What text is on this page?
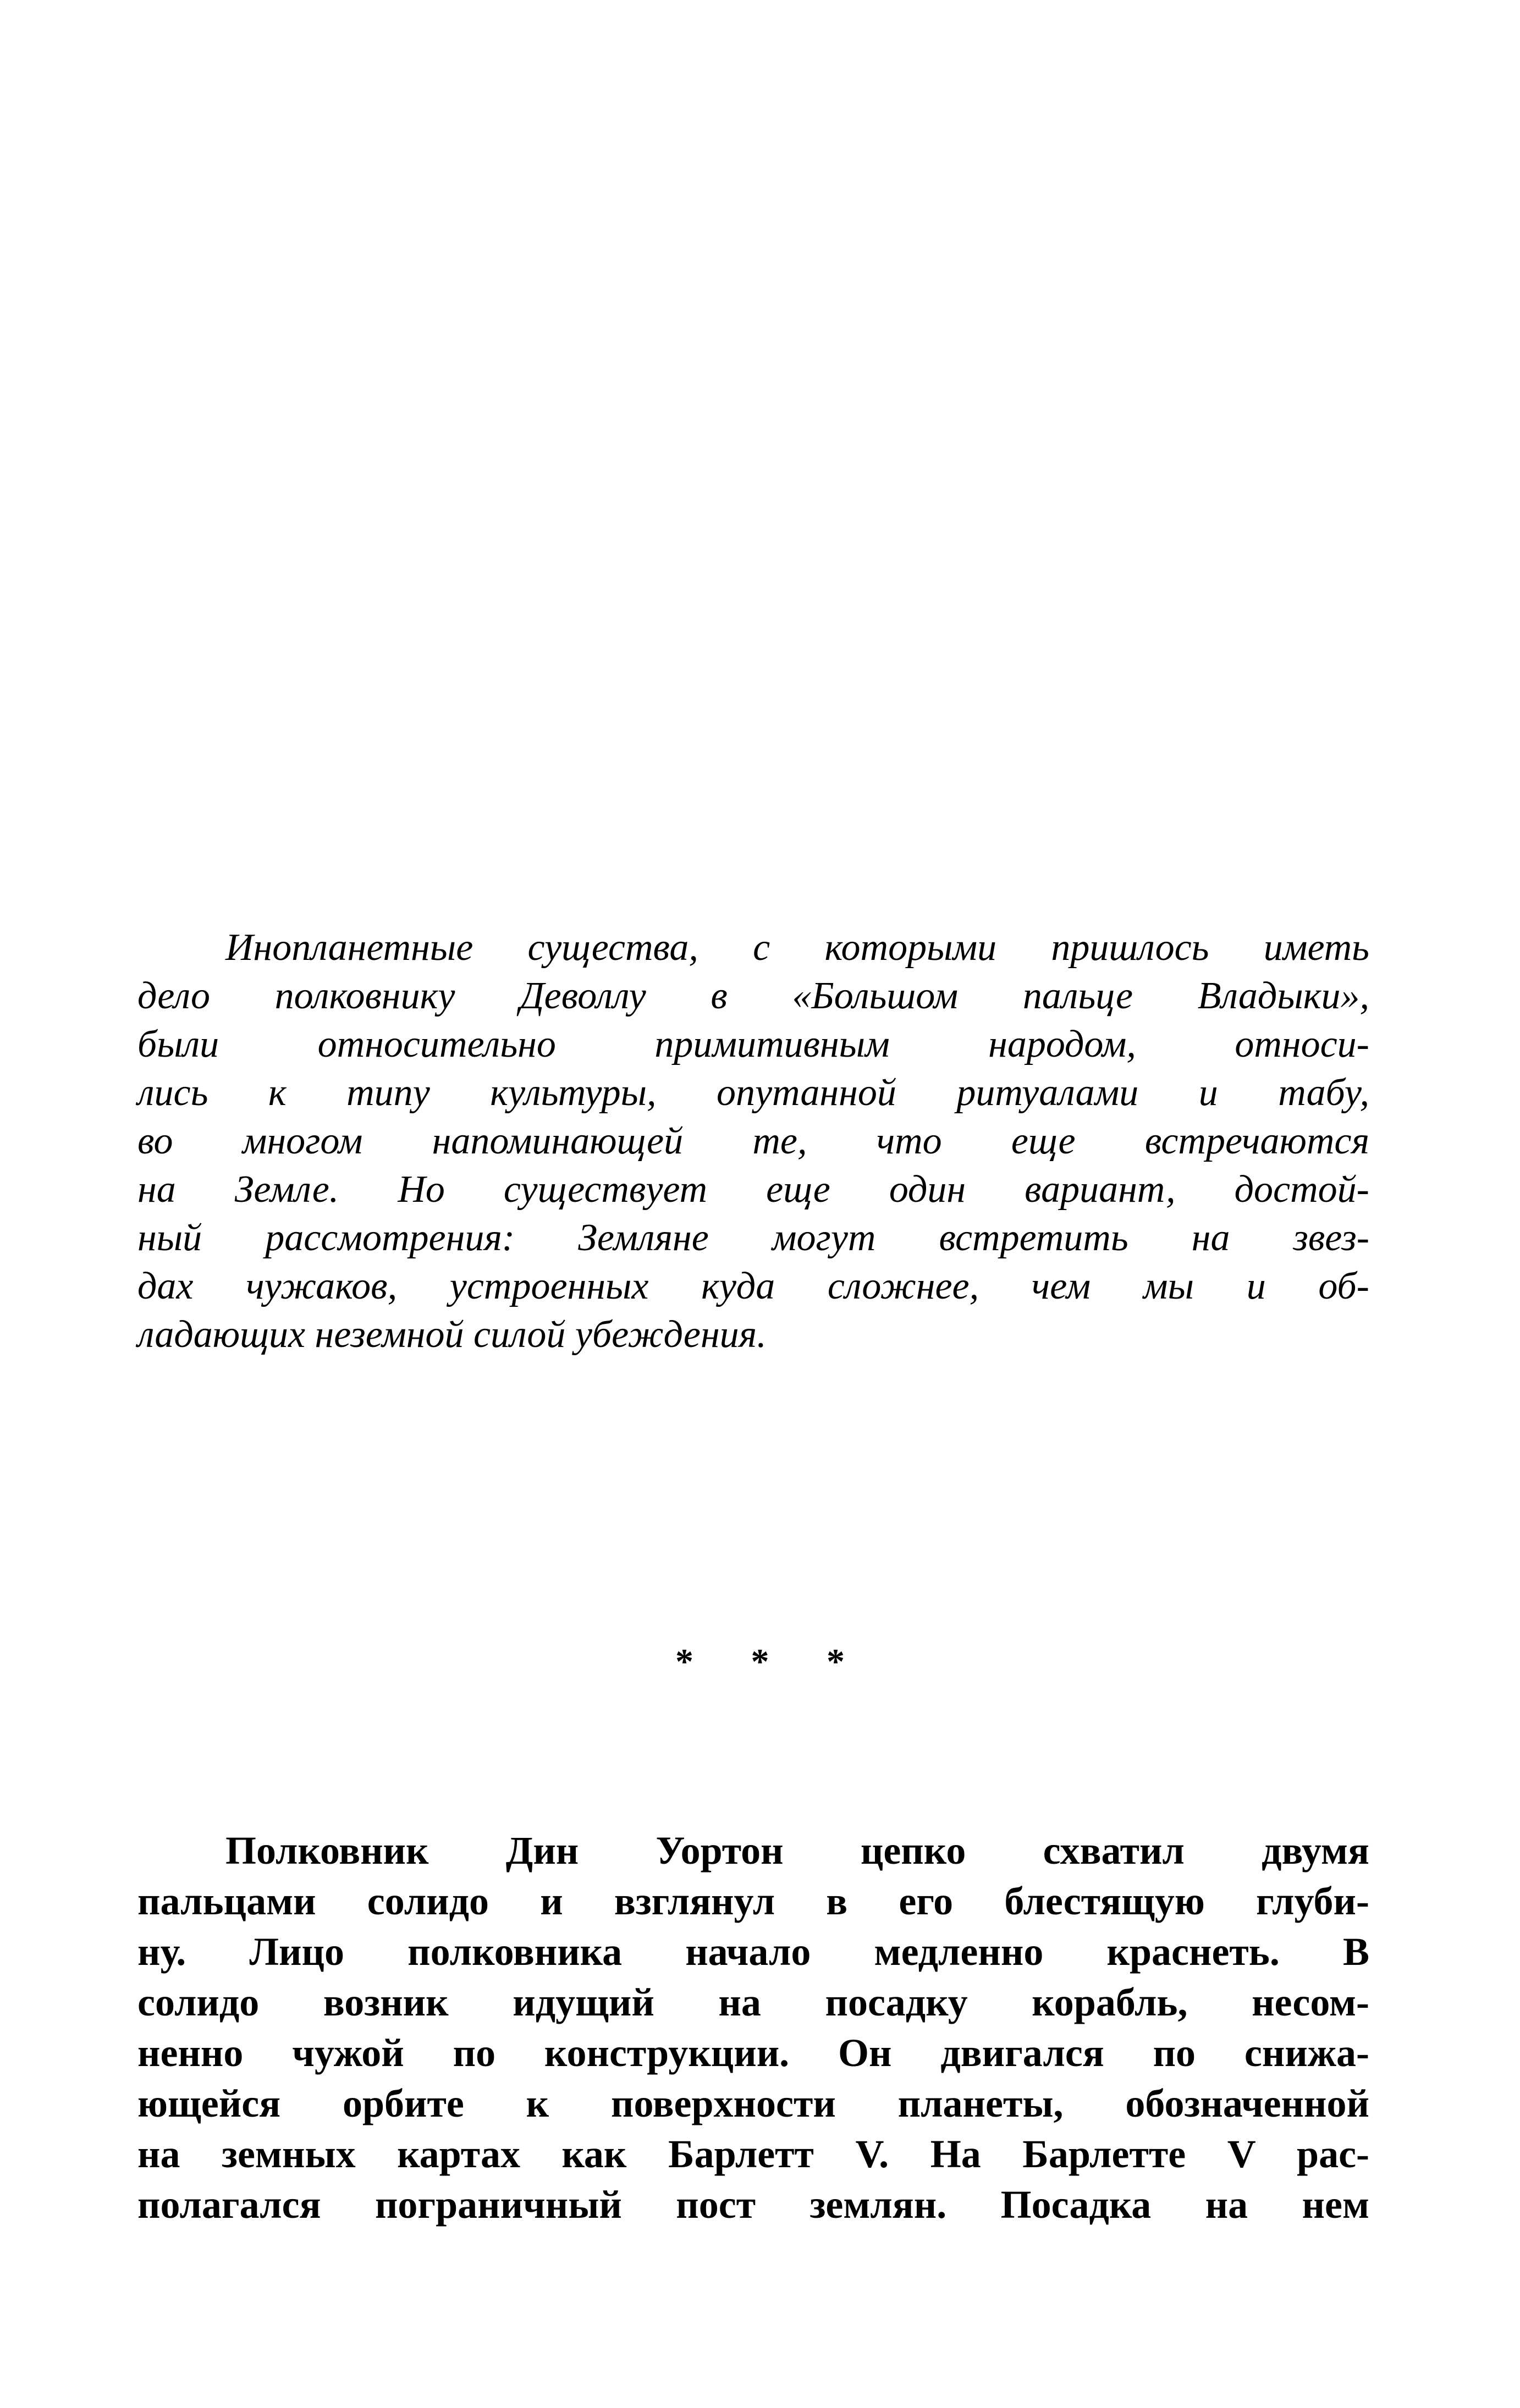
Инопланетные существа, с которыми пришлось иметь
дело полковнику Деволлу в «Большом пальце Владыки»,
были относительно примитивным народом, относи-
лись к типу культуры, опутанной ритуалами и табу,
во многом напоминающей те, что еще встречаются
на Земле. Но существует еще один вариант, достой-
ный рассмотрения: Земляне могут встретить на звез-
дах чужаков, устроенных куда сложнее, чем мы и об-
ладающих неземной силой убеждения.
* * *
Полковник Дин Уортон цепко схватил двумя
пальцами солидо и взглянул в его блестящую глуби-
ну. Лицо полковника начало медленно краснеть. В
солидо возник идущий на посадку корабль, несом-
ненно чужой по конструкции. Он двигался по снижа-
ющейся орбите к поверхности планеты, обозначенной
на земных картах как Барлетт V. На Барлетте V рас-
полагался пограничный пост землян. Посадка на нем
